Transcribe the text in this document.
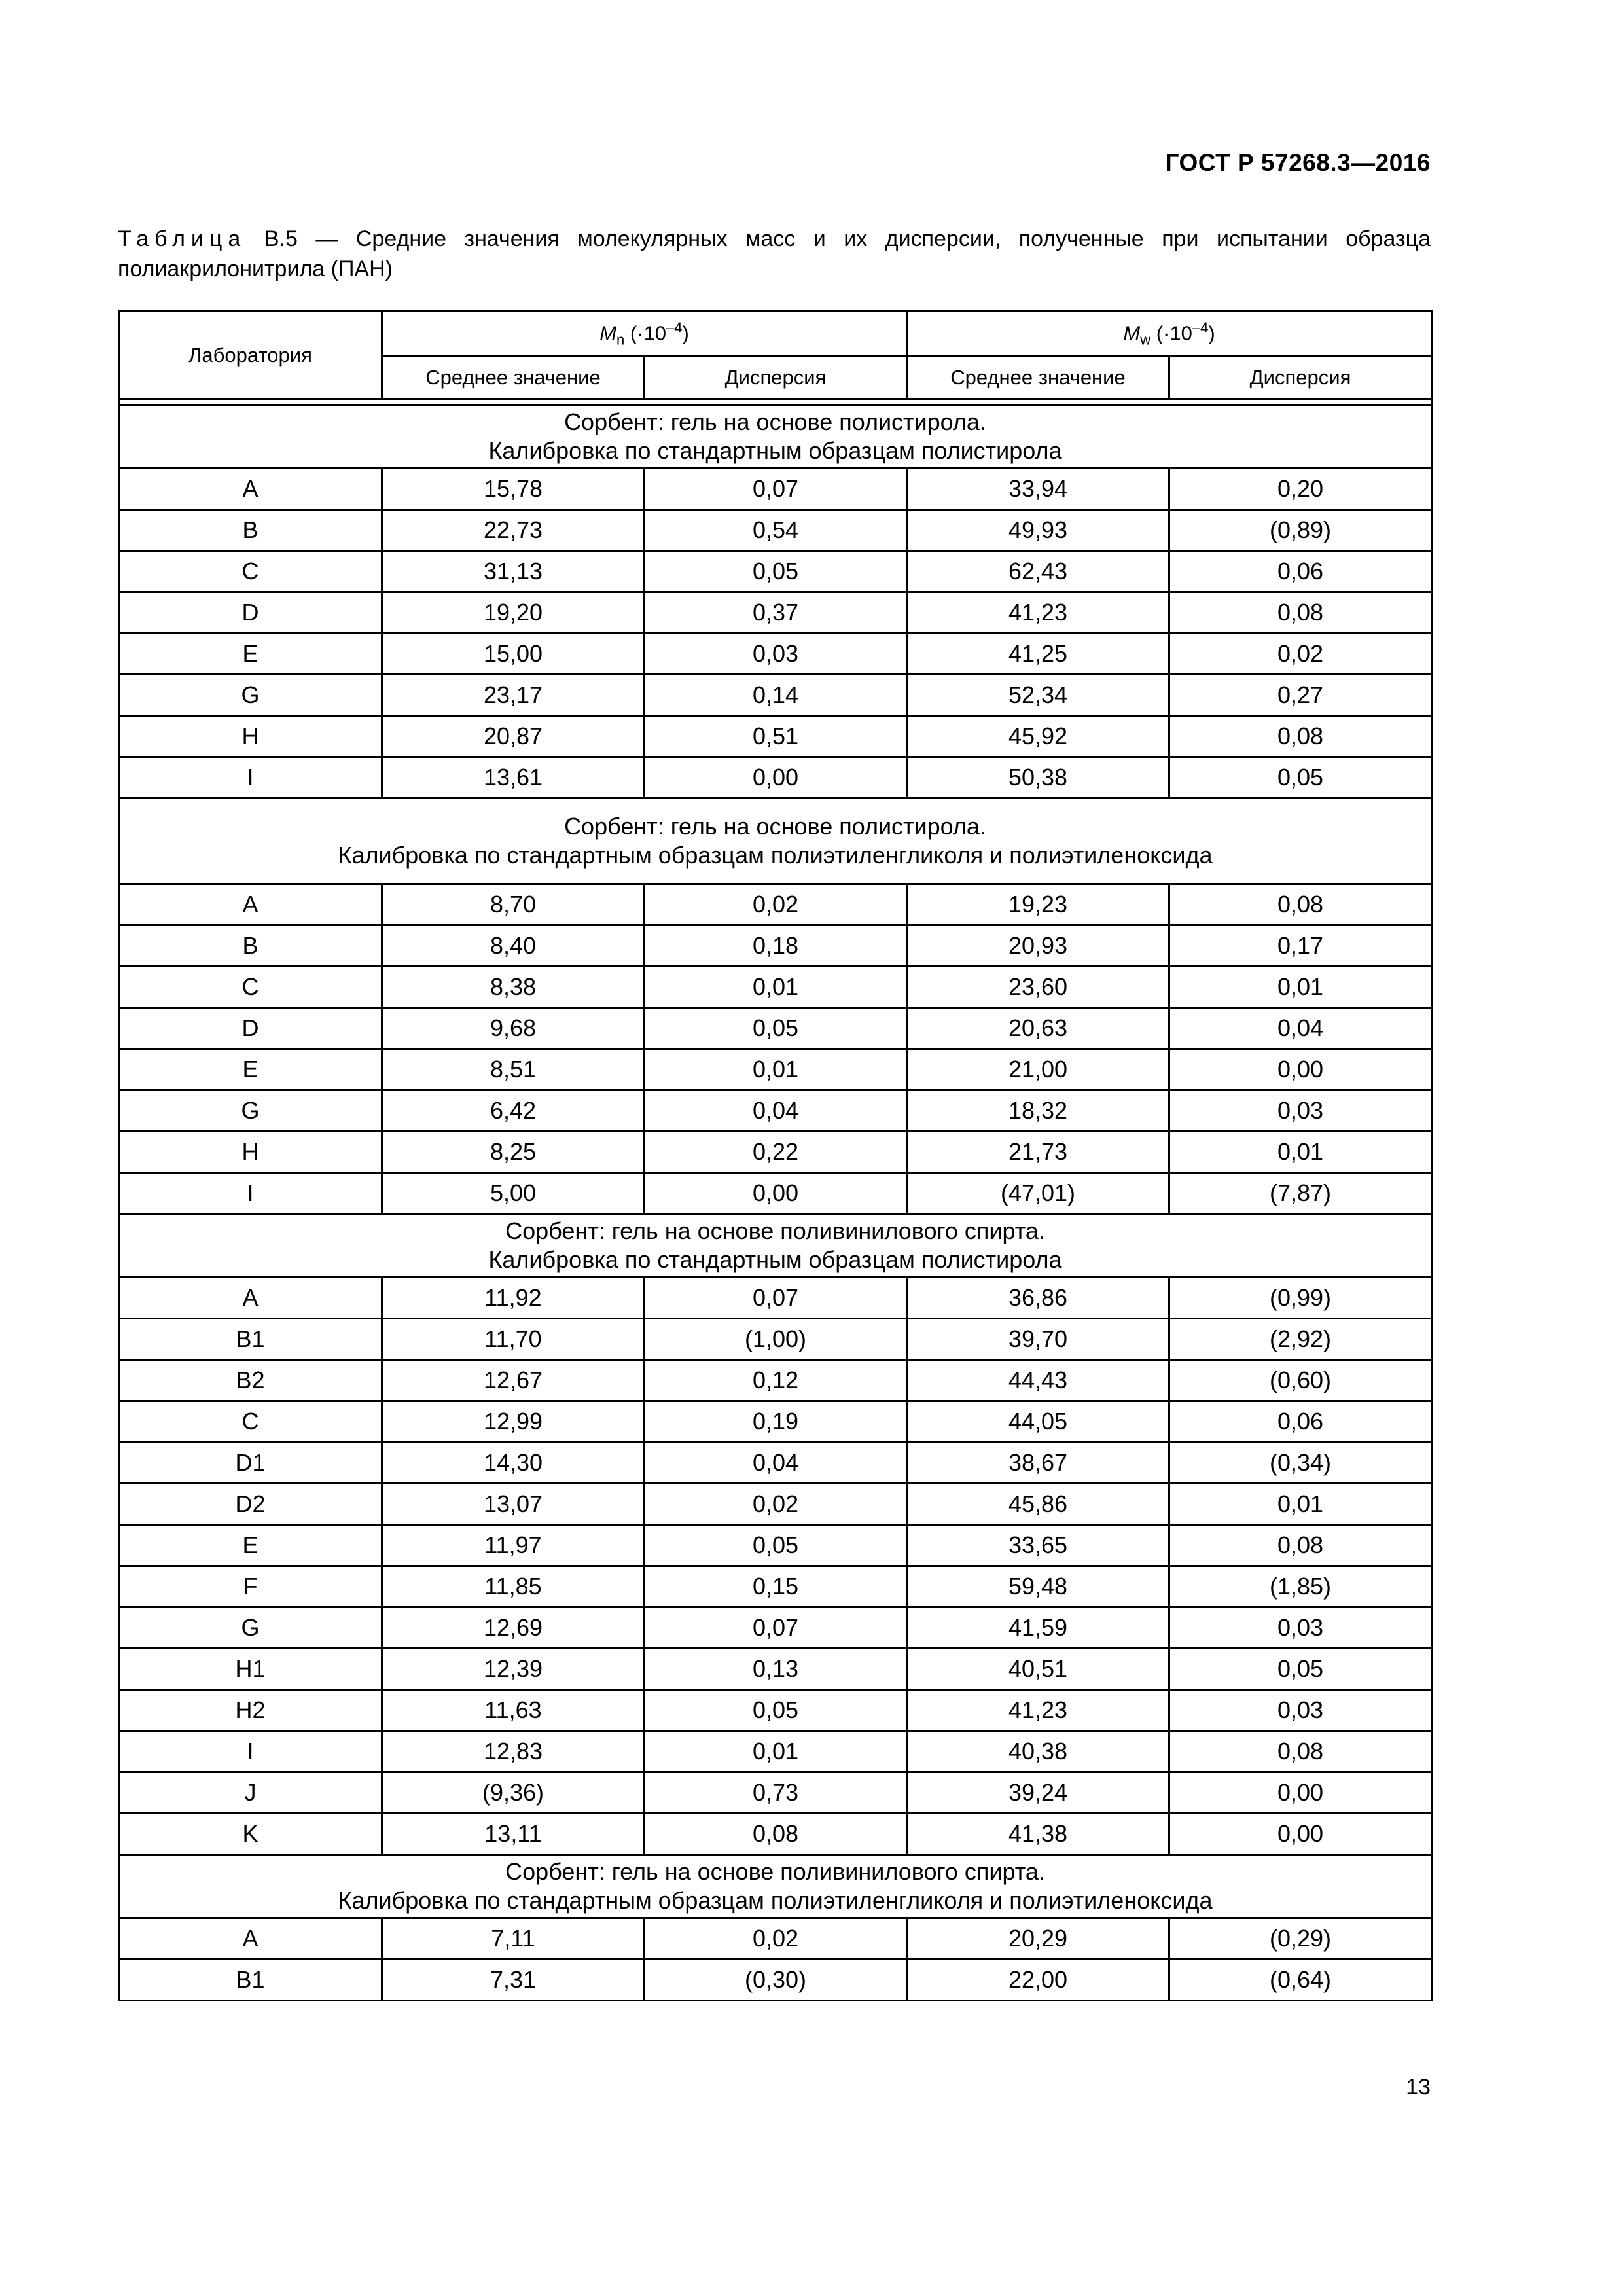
ГОСТ Р 57268.3—2016
Таблица В.5 — Средние значения молекулярных масс и их дисперсии, полученные при испытании образца полиакрилонитрила (ПАН)
Лаборатория	$M_n$ $(\cdot 10^{-4})$		$M_w$ $(\cdot 10^{-4})$	
	Среднее значение	Дисперсия	Среднее значение	Дисперсия

Сорбент: гель на основе полистирола.
Калибровка по стандартным образцам полистирола				

A	15,78	0,07	33,94	0,20
B	22,73	0,54	49,93	(0,89)
C	31,13	0,05	62,43	0,06
D	19,20	0,37	41,23	0,08
E	15,00	0,03	41,25	0,02
G	23,17	0,14	52,34	0,27
H	20,87	0,51	45,92	0,08
I	13,61	0,00	50,38	0,05

Сорбент: гель на основе полистирола.
Калибровка по стандартным образцам полиэтиленгликоля и полиэтиленоксида				

A	8,70	0,02	19,23	0,08
B	8,40	0,18	20,93	0,17
C	8,38	0,01	23,60	0,01
D	9,68	0,05	20,63	0,04
E	8,51	0,01	21,00	0,00
G	6,42	0,04	18,32	0,03
H	8,25	0,22	21,73	0,01
I	5,00	0,00	(47,01)	(7,87)

Сорбент: гель на основе поливинилового спирта.
Калибровка по стандартным образцам полистирола				

A	11,92	0,07	36,86	(0,99)
B1	11,70	(1,00)	39,70	(2,92)
B2	12,67	0,12	44,43	(0,60)
C	12,99	0,19	44,05	0,06
D1	14,30	0,04	38,67	(0,34)
D2	13,07	0,02	45,86	0,01
E	11,97	0,05	33,65	0,08
F	11,85	0,15	59,48	(1,85)
G	12,69	0,07	41,59	0,03
H1	12,39	0,13	40,51	0,05
H2	11,63	0,05	41,23	0,03
I	12,83	0,01	40,38	0,08
J	(9,36)	0,73	39,24	0,00
K	13,11	0,08	41,38	0,00

Сорбент: гель на основе поливинилового спирта.
Калибровка по стандартным образцам полиэтиленгликоля и полиэтиленоксида				

A	7,11	0,02	20,29	(0,29)
B1	7,31	(0,30)	22,00	(0,64)
13
